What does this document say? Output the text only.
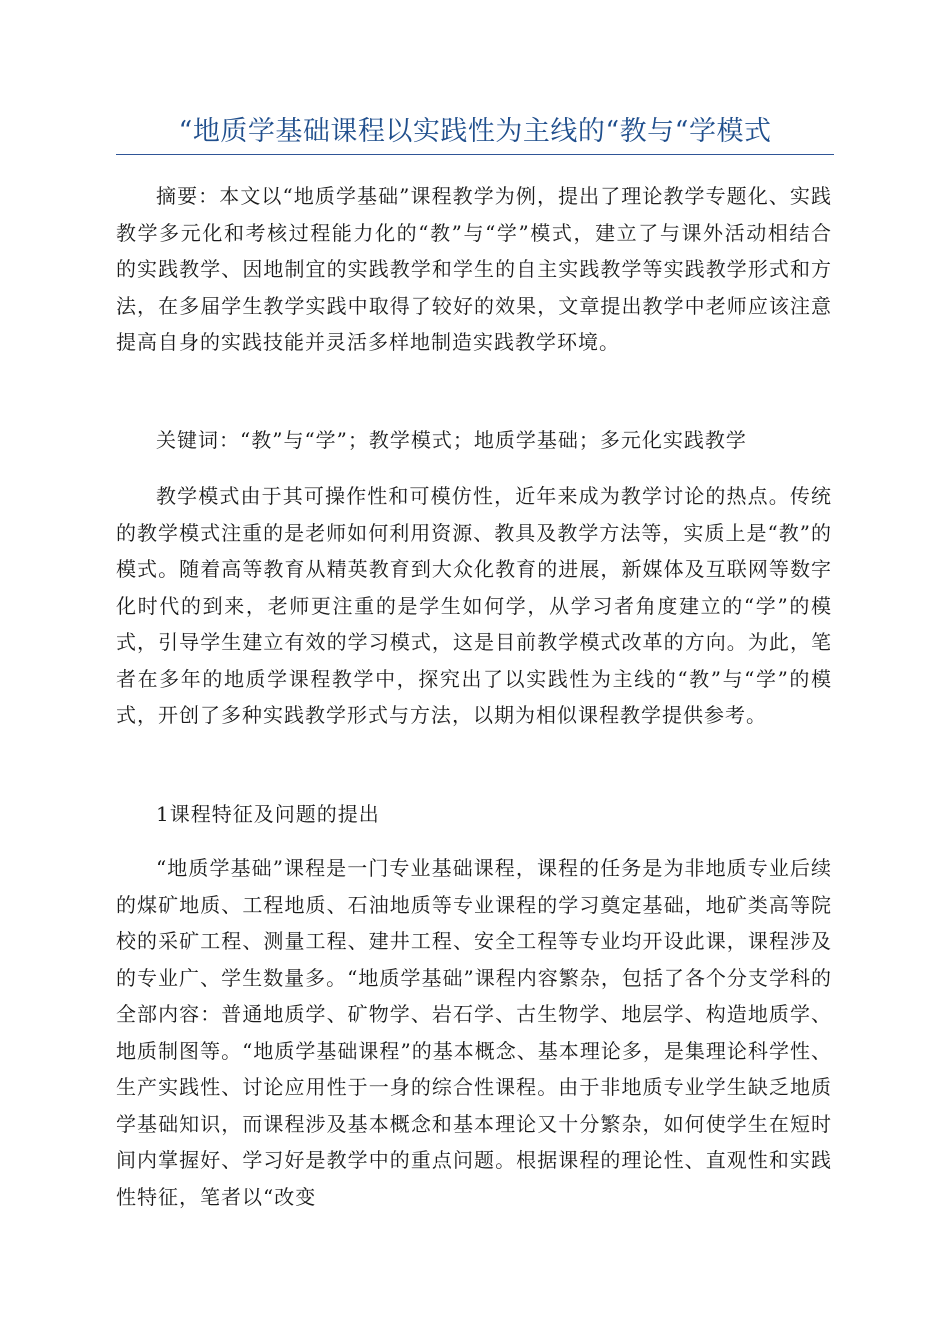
“地质学基础课程以实践性为主线的“教与“学模式

摘要：本文以“地质学基础”课程教学为例，提出了理论教学专题化、实践教学多元化和考核过程能力化的“教”与“学”模式，建立了与课外活动相结合的实践教学、因地制宜的实践教学和学生的自主实践教学等实践教学形式和方法，在多届学生教学实践中取得了较好的效果，文章提出教学中老师应该注意提高自身的实践技能并灵活多样地制造实践教学环境。

关键词：“教”与“学”；教学模式；地质学基础；多元化实践教学

教学模式由于其可操作性和可模仿性，近年来成为教学讨论的热点。传统的教学模式注重的是老师如何利用资源、教具及教学方法等，实质上是“教”的模式。随着高等教育从精英教育到大众化教育的进展，新媒体及互联网等数字化时代的到来，老师更注重的是学生如何学，从学习者角度建立的“学”的模式，引导学生建立有效的学习模式，这是目前教学模式改革的方向。为此，笔者在多年的地质学课程教学中，探究出了以实践性为主线的“教”与“学”的模式，开创了多种实践教学形式与方法，以期为相似课程教学提供参考。

1课程特征及问题的提出

“地质学基础”课程是一门专业基础课程，课程的任务是为非地质专业后续的煤矿地质、工程地质、石油地质等专业课程的学习奠定基础，地矿类高等院校的采矿工程、测量工程、建井工程、安全工程等专业均开设此课，课程涉及的专业广、学生数量多。“地质学基础”课程内容繁杂，包括了各个分支学科的全部内容：普通地质学、矿物学、岩石学、古生物学、地层学、构造地质学、地质制图等。“地质学基础课程”的基本概念、基本理论多，是集理论科学性、生产实践性、讨论应用性于一身的综合性课程。由于非地质专业学生缺乏地质学基础知识，而课程涉及基本概念和基本理论又十分繁杂，如何使学生在短时间内掌握好、学习好是教学中的重点问题。根据课程的理论性、直观性和实践性特征，笔者以“改变
